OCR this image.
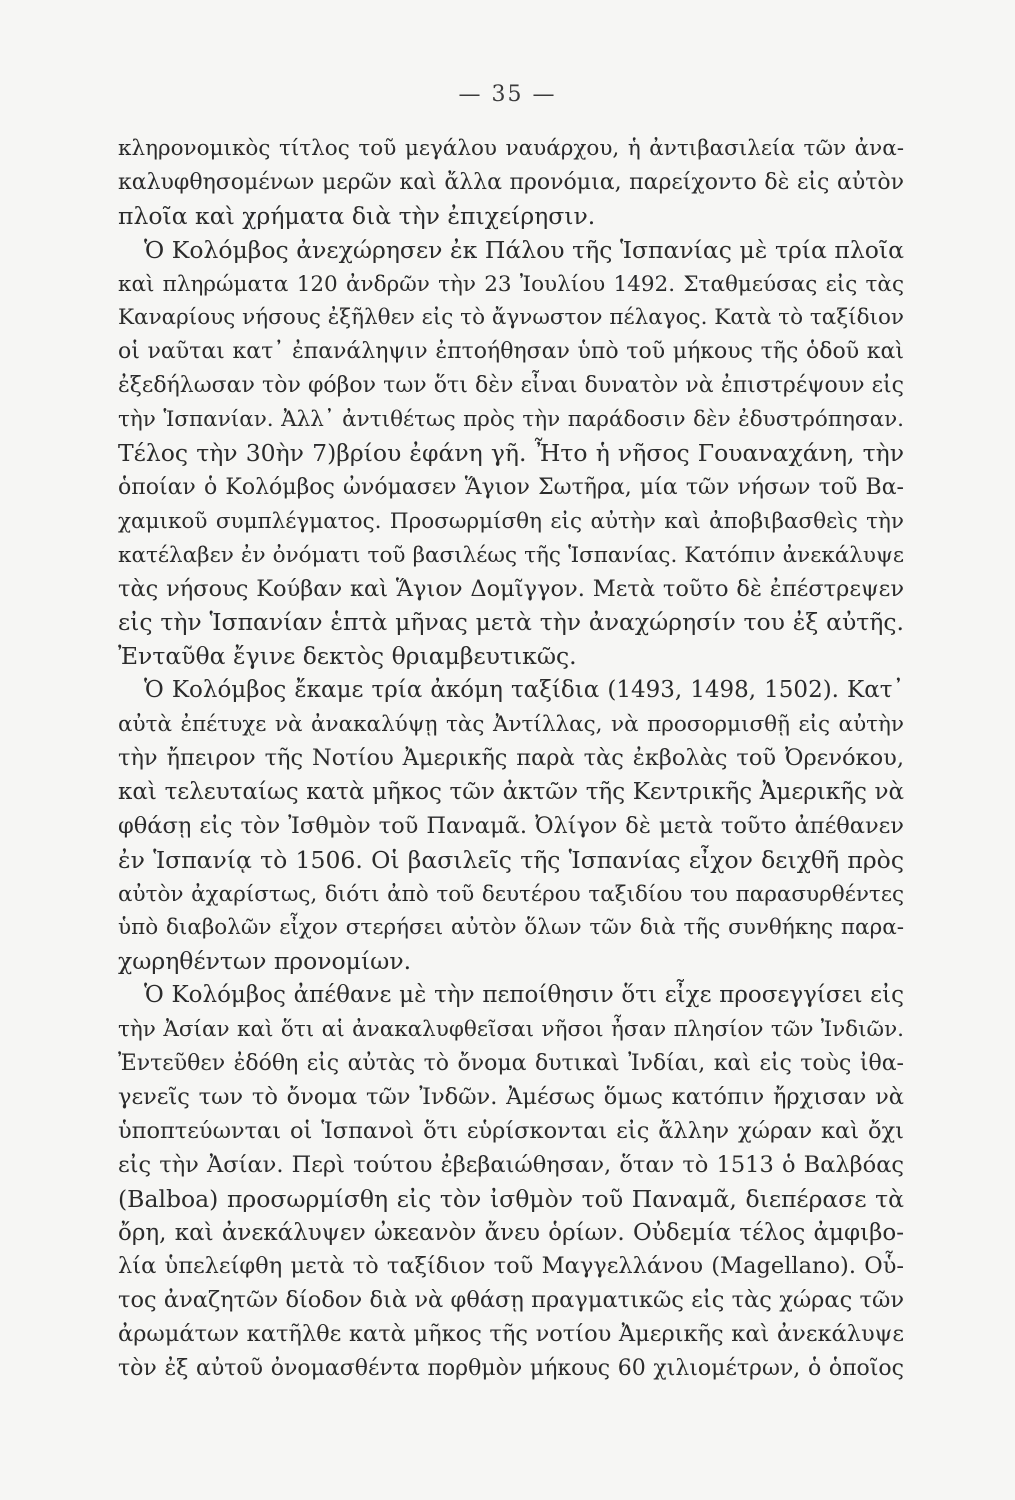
— 35 —
κληρονομικὸς τίτλος τοῦ μεγάλου ναυάρχου, ἡ ἀντιβασιλεία τῶν ἀνα-
καλυφθησομένων μερῶν καὶ ἄλλα προνόμια, παρείχοντο δὲ εἰς αὐτὸν
πλοῖα καὶ χρήματα διὰ τὴν ἐπιχείρησιν.
Ὁ Κολόμβος ἀνεχώρησεν ἐκ Πάλου τῆς Ἱσπανίας μὲ τρία πλοῖα
καὶ πληρώματα 120 ἀνδρῶν τὴν 23 Ἰουλίου 1492. Σταθμεύσας εἰς τὰς
Καναρίους νήσους ἐξῆλθεν εἰς τὸ ἄγνωστον πέλαγος. Κατὰ τὸ ταξίδιον
οἱ ναῦται κατ᾽ ἐπανάληψιν ἐπτοήθησαν ὑπὸ τοῦ μήκους τῆς ὁδοῦ καὶ
ἐξεδήλωσαν τὸν φόβον των ὅτι δὲν εἶναι δυνατὸν νὰ ἐπιστρέψουν εἰς
τὴν Ἱσπανίαν. Ἀλλ᾽ ἀντιθέτως πρὸς τὴν παράδοσιν δὲν ἐδυστρόπησαν.
Τέλος τὴν 30ὴν 7)βρίου ἐφάνη γῆ. Ἦτο ἡ νῆσος Γουαναχάνη, τὴν
ὁποίαν ὁ Κολόμβος ὠνόμασεν Ἅγιον Σωτῆρα, μία τῶν νήσων τοῦ Βα-
χαμικοῦ συμπλέγματος. Προσωρμίσθη εἰς αὐτὴν καὶ ἀποβιβασθεὶς τὴν
κατέλαβεν ἐν ὀνόματι τοῦ βασιλέως τῆς Ἱσπανίας. Κατόπιν ἀνεκάλυψε
τὰς νήσους Κούβαν καὶ Ἅγιον Δομῖγγον. Μετὰ τοῦτο δὲ ἐπέστρεψεν
εἰς τὴν Ἱσπανίαν ἑπτὰ μῆνας μετὰ τὴν ἀναχώρησίν του ἐξ αὐτῆς.
Ἐνταῦθα ἔγινε δεκτὸς θριαμβευτικῶς.
Ὁ Κολόμβος ἔκαμε τρία ἀκόμη ταξίδια (1493, 1498, 1502). Κατ᾽
αὐτὰ ἐπέτυχε νὰ ἀνακαλύψῃ τὰς Ἀντίλλας, νὰ προσορμισθῇ εἰς αὐτὴν
τὴν ἤπειρον τῆς Νοτίου Ἀμερικῆς παρὰ τὰς ἐκβολὰς τοῦ Ὀρενόκου,
καὶ τελευταίως κατὰ μῆκος τῶν ἀκτῶν τῆς Κεντρικῆς Ἀμερικῆς νὰ
φθάσῃ εἰς τὸν Ἰσθμὸν τοῦ Παναμᾶ. Ὀλίγον δὲ μετὰ τοῦτο ἀπέθανεν
ἐν Ἱσπανίᾳ τὸ 1506. Οἱ βασιλεῖς τῆς Ἱσπανίας εἶχον δειχθῆ πρὸς
αὐτὸν ἀχαρίστως, διότι ἀπὸ τοῦ δευτέρου ταξιδίου του παρασυρθέντες
ὑπὸ διαβολῶν εἶχον στερήσει αὐτὸν ὅλων τῶν διὰ τῆς συνθήκης παρα-
χωρηθέντων προνομίων.
Ὁ Κολόμβος ἀπέθανε μὲ τὴν πεποίθησιν ὅτι εἶχε προσεγγίσει εἰς
τὴν Ἀσίαν καὶ ὅτι αἱ ἀνακαλυφθεῖσαι νῆσοι ἦσαν πλησίον τῶν Ἰνδιῶν.
Ἐντεῦθεν ἐδόθη εἰς αὐτὰς τὸ ὄνομα δυτικαὶ Ἰνδίαι, καὶ εἰς τοὺς ἰθα-
γενεῖς των τὸ ὄνομα τῶν Ἰνδῶν. Ἀμέσως ὅμως κατόπιν ἤρχισαν νὰ
ὑποπτεύωνται οἱ Ἱσπανοὶ ὅτι εὑρίσκονται εἰς ἄλλην χώραν καὶ ὄχι
εἰς τὴν Ἀσίαν. Περὶ τούτου ἐβεβαιώθησαν, ὅταν τὸ 1513 ὁ Βαλβόας
(Balboa) προσωρμίσθη εἰς τὸν ἰσθμὸν τοῦ Παναμᾶ, διεπέρασε τὰ
ὄρη, καὶ ἀνεκάλυψεν ὠκεανὸν ἄνευ ὁρίων. Οὐδεμία τέλος ἀμφιβο-
λία ὑπελείφθη μετὰ τὸ ταξίδιον τοῦ Μαγγελλάνου (Magellano). Οὗ-
τος ἀναζητῶν δίοδον διὰ νὰ φθάσῃ πραγματικῶς εἰς τὰς χώρας τῶν
ἀρωμάτων κατῆλθε κατὰ μῆκος τῆς νοτίου Ἀμερικῆς καὶ ἀνεκάλυψε
τὸν ἐξ αὐτοῦ ὀνομασθέντα πορθμὸν μήκους 60 χιλιομέτρων, ὁ ὁποῖος
